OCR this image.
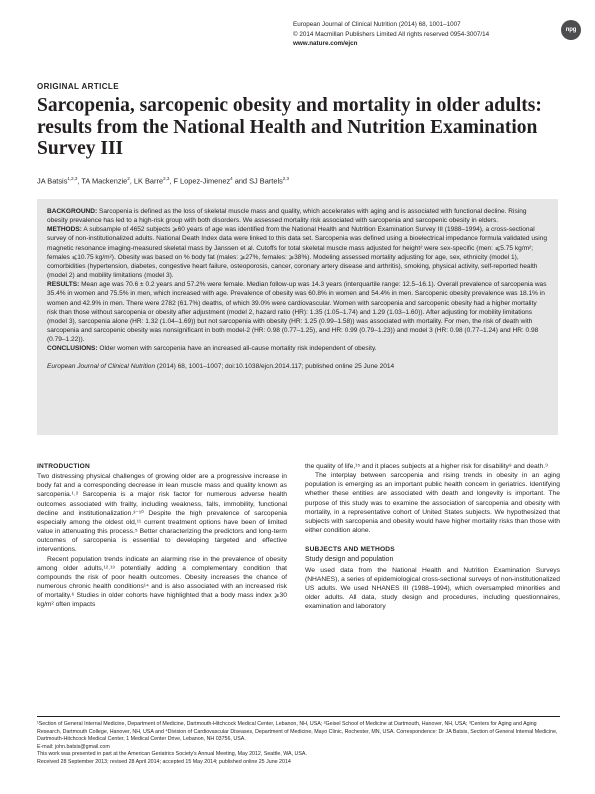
European Journal of Clinical Nutrition (2014) 68, 1001–1007
© 2014 Macmillan Publishers Limited All rights reserved 0954-3007/14
www.nature.com/ejcn
npg
ORIGINAL ARTICLE
Sarcopenia, sarcopenic obesity and mortality in older adults: results from the National Health and Nutrition Examination Survey III
JA Batsis$^{1,2,3}$, TA Mackenzie$^2$, LK Barre$^{2,3}$, F Lopez-Jimenez$^4$ and SJ Bartels$^{2,3}$

BACKGROUND: Sarcopenia is defined as the loss of skeletal muscle mass and quality, which accelerates with aging and is associated with functional decline. Rising obesity prevalence has led to a high-risk group with both disorders. We assessed mortality risk associated with sarcopenia and sarcopenic obesity in elders.

METHODS: A subsample of 4652 subjects ⩾60 years of age was identified from the National Health and Nutrition Examination Survey III (1988–1994), a cross-sectional survey of non-institutionalized adults. National Death Index data were linked to this data set. Sarcopenia was defined using a bioelectrical impedance formula validated using magnetic resonance imaging-measured skeletal mass by Janssen et al. Cutoffs for total skeletal muscle mass adjusted for height² were sex-specific (men: ⩽5.75 kg/m²; females ⩽10.75 kg/m²). Obesity was based on % body fat (males: ⩾27%, females: ⩾38%). Modeling assessed mortality adjusting for age, sex, ethnicity (model 1), comorbidities (hypertension, diabetes, congestive heart failure, osteoporosis, cancer, coronary artery disease and arthritis), smoking, physical activity, self-reported health (model 2) and mobility limitations (model 3).

RESULTS: Mean age was 70.6 ± 0.2 years and 57.2% were female. Median follow-up was 14.3 years (interquartile range: 12.5–16.1). Overall prevalence of sarcopenia was 35.4% in women and 75.5% in men, which increased with age. Prevalence of obesity was 60.8% in women and 54.4% in men. Sarcopenic obesity prevalence was 18.1% in women and 42.9% in men. There were 2782 (61.7%) deaths, of which 39.0% were cardiovascular. Women with sarcopenia and sarcopenic obesity had a higher mortality risk than those without sarcopenia or obesity after adjustment (model 2, hazard ratio (HR): 1.35 (1.05–1.74) and 1.29 (1.03–1.60)). After adjusting for mobility limitations (model 3), sarcopenia alone (HR: 1.32 (1.04–1.69)) but not sarcopenia with obesity (HR: 1.25 (0.99–1.58)) was associated with mortality. For men, the risk of death with sarcopenia and sarcopenic obesity was nonsignificant in both model-2 (HR: 0.98 (0.77–1.25), and HR: 0.99 (0.79–1.23)) and model 3 (HR: 0.98 (0.77–1.24) and HR: 0.98 (0.79–1.22)).

CONCLUSIONS: Older women with sarcopenia have an increased all-cause mortality risk independent of obesity.

European Journal of Clinical Nutrition (2014) 68, 1001–1007; doi:10.1038/ejcn.2014.117; published online 25 June 2014

INTRODUCTION

Two distressing physical challenges of growing older are a progressive increase in body fat and a corresponding decrease in lean muscle mass and quality known as sarcopenia.¹˒² Sarcopenia is a major risk factor for numerous adverse health outcomes associated with frailty, including weakness, falls, immobility, functional decline and institutionalization.³⁻¹⁰ Despite the high prevalence of sarcopenia especially among the oldest old,¹¹ current treatment options have been of limited value in attenuating this process.⁵ Better characterizing the predictors and long-term outcomes of sarcopenia is essential to developing targeted and effective interventions.

Recent population trends indicate an alarming rise in the prevalence of obesity among older adults,¹²˒¹³ potentially adding a complementary condition that compounds the risk of poor health outcomes. Obesity increases the chance of numerous chronic health conditions¹⁴ and is also associated with an increased risk of mortality.⁶ Studies in older cohorts have highlighted that a body mass index ⩾30 kg/m² often impacts

the quality of life,¹⁵ and it places subjects at a higher risk for disability⁸ and death.⁹

The interplay between sarcopenia and rising trends in obesity in an aging population is emerging as an important public health concern in geriatrics. Identifying whether these entities are associated with death and longevity is important. The purpose of this study was to examine the association of sarcopenia and obesity with mortality, in a representative cohort of United States subjects. We hypothesized that subjects with sarcopenia and obesity would have higher mortality risks than those with either condition alone.

SUBJECTS AND METHODS
Study design and population

We used data from the National Health and Nutrition Examination Surveys (NHANES), a series of epidemiological cross-sectional surveys of non-institutionalized US adults. We used NHANES III (1988–1994), which oversampled minorities and older adults. All data, study design and procedures, including questionnaires, examination and laboratory

¹Section of General Internal Medicine, Department of Medicine, Dartmouth-Hitchcock Medical Center, Lebanon, NH, USA; ²Geisel School of Medicine at Dartmouth, Hanover, NH, USA; ³Centers for Aging and Aging Research, Dartmouth College, Hanover, NH, USA and ⁴Division of Cardiovascular Diseases, Department of Medicine, Mayo Clinic, Rochester, MN, USA. Correspondence: Dr JA Batsis, Section of General Internal Medicine, Dartmouth-Hitchcock Medical Center, 1 Medical Center Drive, Lebanon, NH 03756, USA.
E-mail: john.batsis@gmail.com
This work was presented in part at the American Geriatrics Society's Annual Meeting, May 2012, Seattle, WA, USA.
Received 28 September 2013; revised 28 April 2014; accepted 15 May 2014; published online 25 June 2014
